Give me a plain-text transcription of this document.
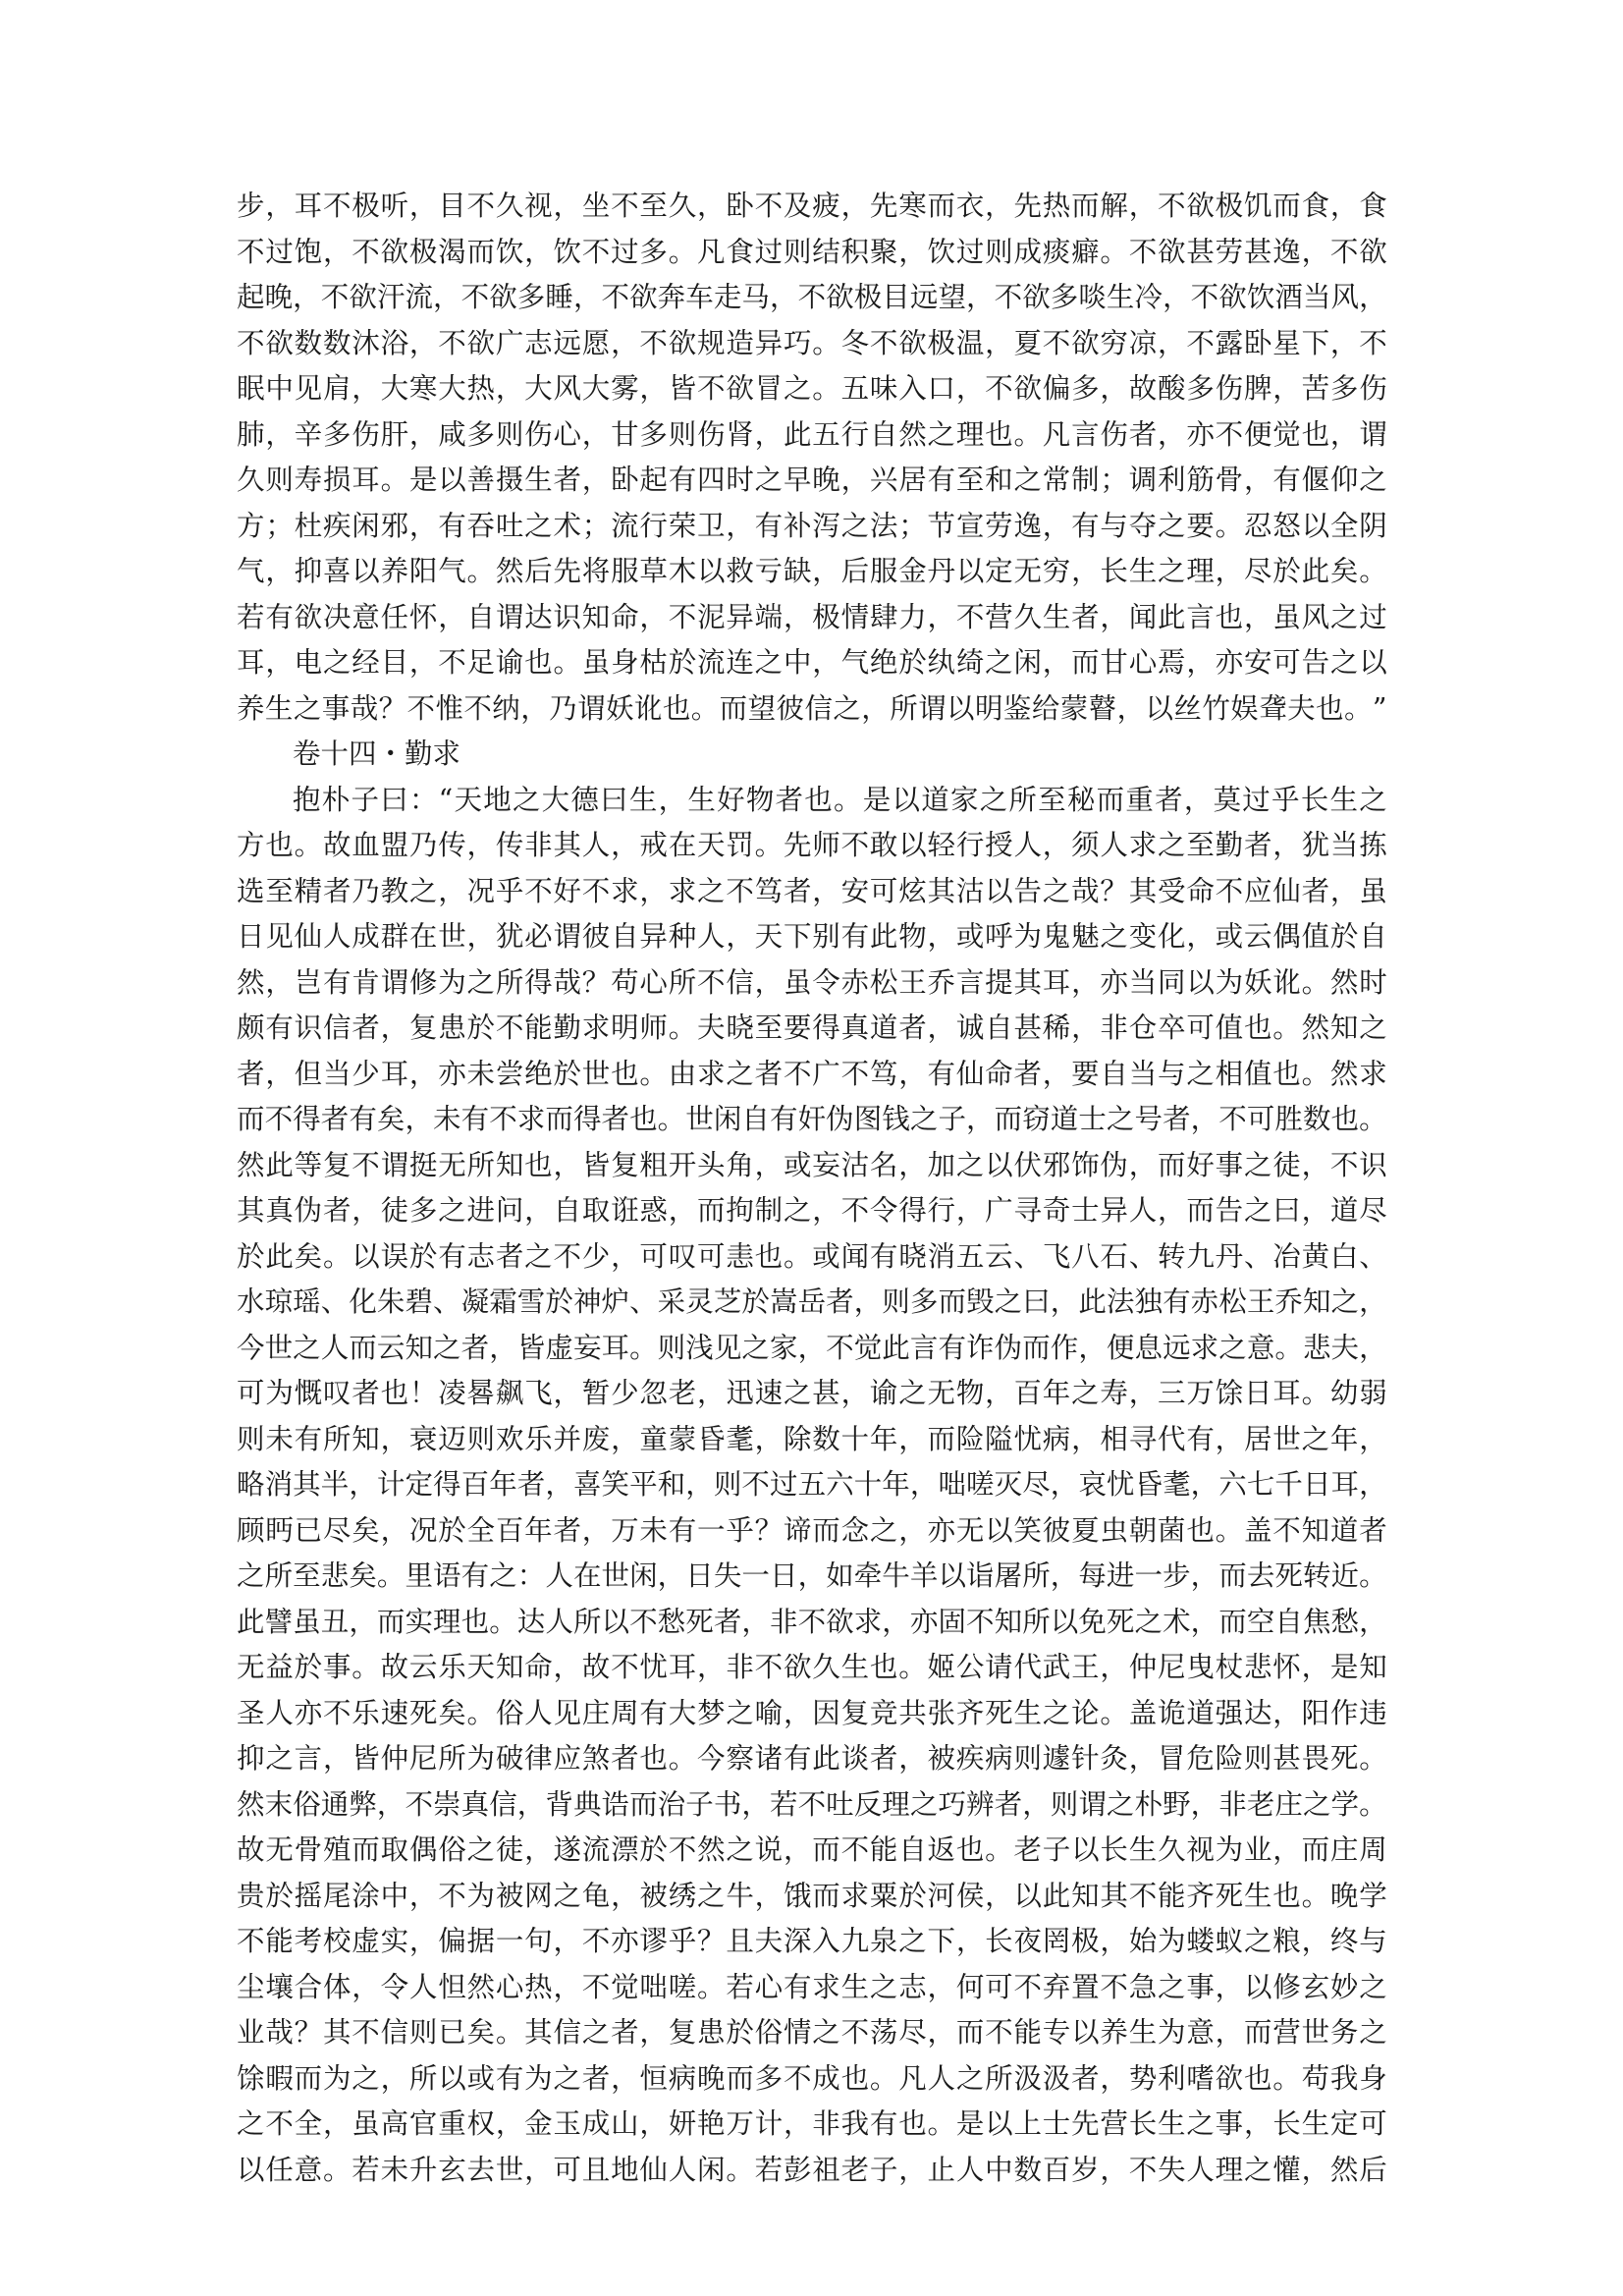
步 ， 耳 不 极 听 ， 目 不 久 视 ， 坐 不 至 久 ， 卧 不 及 疲 ， 先 寒 而 衣 ， 先 热 而 解 ， 不 欲 极 饥 而 食 ， 食
不 过 饱 ， 不 欲 极 渴 而 饮 ， 饮 不 过 多 。 凡 食 过 则 结 积 聚 ， 饮 过 则 成 痰 癖 。 不 欲 甚 劳 甚 逸 ， 不 欲
起 晚 ， 不 欲 汗 流 ， 不 欲 多 睡 ， 不 欲 奔 车 走 马 ， 不 欲 极 目 远 望 ， 不 欲 多 啖 生 冷 ， 不 欲 饮 酒 当 风 ，
不 欲 数 数 沐 浴 ， 不 欲 广 志 远 愿 ， 不 欲 规 造 异 巧 。 冬 不 欲 极 温 ， 夏 不 欲 穷 凉 ， 不 露 卧 星 下 ， 不
眠 中 见 肩 ， 大 寒 大 热 ， 大 风 大 雾 ， 皆 不 欲 冒 之 。 五 味 入 口 ， 不 欲 偏 多 ， 故 酸 多 伤 脾 ， 苦 多 伤
肺 ， 辛 多 伤 肝 ， 咸 多 则 伤 心 ， 甘 多 则 伤 肾 ， 此 五 行 自 然 之 理 也 。 凡 言 伤 者 ， 亦 不 便 觉 也 ， 谓
久 则 寿 损 耳 。 是 以 善 摄 生 者 ， 卧 起 有 四 时 之 早 晚 ， 兴 居 有 至 和 之 常 制 ； 调 利 筋 骨 ， 有 偃 仰 之
方 ； 杜 疾 闲 邪 ， 有 吞 吐 之 术 ； 流 行 荣 卫 ， 有 补 泻 之 法 ； 节 宣 劳 逸 ， 有 与 夺 之 要 。 忍 怒 以 全 阴
气 ， 抑 喜 以 养 阳 气 。 然 后 先 将 服 草 木 以 救 亏 缺 ， 后 服 金 丹 以 定 无 穷 ， 长 生 之 理 ， 尽 於 此 矣 。
若 有 欲 决 意 任 怀 ， 自 谓 达 识 知 命 ， 不 泥 异 端 ， 极 情 肆 力 ， 不 营 久 生 者 ， 闻 此 言 也 ， 虽 风 之 过
耳 ， 电 之 经 目 ， 不 足 谕 也 。 虽 身 枯 於 流 连 之 中 ， 气 绝 於 纨 绮 之 闲 ， 而 甘 心 焉 ， 亦 安 可 告 之 以
养 生 之 事 哉 ？ 不 惟 不 纳 ， 乃 谓 妖 讹 也 。 而 望 彼 信 之 ， 所 谓 以 明 鉴 给 蒙 瞽 ， 以 丝 竹 娱 聋 夫 也 。 ”
卷十四・勤求
抱 朴 子 曰 ： “ 天 地 之 大 德 曰 生 ， 生 好 物 者 也 。 是 以 道 家 之 所 至 秘 而 重 者 ， 莫 过 乎 长 生 之
方 也 。 故 血 盟 乃 传 ， 传 非 其 人 ， 戒 在 天 罚 。 先 师 不 敢 以 轻 行 授 人 ， 须 人 求 之 至 勤 者 ， 犹 当 拣
选 至 精 者 乃 教 之 ， 况 乎 不 好 不 求 ， 求 之 不 笃 者 ， 安 可 炫 其 沽 以 告 之 哉 ？ 其 受 命 不 应 仙 者 ， 虽
日 见 仙 人 成 群 在 世 ， 犹 必 谓 彼 自 异 种 人 ， 天 下 别 有 此 物 ， 或 呼 为 鬼 魅 之 变 化 ， 或 云 偶 值 於 自
然 ， 岂 有 肯 谓 修 为 之 所 得 哉 ？ 苟 心 所 不 信 ， 虽 令 赤 松 王 乔 言 提 其 耳 ， 亦 当 同 以 为 妖 讹 。 然 时
颇 有 识 信 者 ， 复 患 於 不 能 勤 求 明 师 。 夫 晓 至 要 得 真 道 者 ， 诚 自 甚 稀 ， 非 仓 卒 可 值 也 。 然 知 之
者 ， 但 当 少 耳 ， 亦 未 尝 绝 於 世 也 。 由 求 之 者 不 广 不 笃 ， 有 仙 命 者 ， 要 自 当 与 之 相 值 也 。 然 求
而 不 得 者 有 矣 ， 未 有 不 求 而 得 者 也 。 世 闲 自 有 奸 伪 图 钱 之 子 ， 而 窃 道 士 之 号 者 ， 不 可 胜 数 也 。
然 此 等 复 不 谓 挺 无 所 知 也 ， 皆 复 粗 开 头 角 ， 或 妄 沽 名 ， 加 之 以 伏 邪 饰 伪 ， 而 好 事 之 徒 ， 不 识
其 真 伪 者 ， 徒 多 之 进 问 ， 自 取 诳 惑 ， 而 拘 制 之 ， 不 令 得 行 ， 广 寻 奇 士 异 人 ， 而 告 之 曰 ， 道 尽
於 此 矣 。 以 误 於 有 志 者 之 不 少 ， 可 叹 可 恚 也 。 或 闻 有 晓 消 五 云 、 飞 八 石 、 转 九 丹 、 冶 黄 白 、
水 琼 瑶 、 化 朱 碧 、 凝 霜 雪 於 神 炉 、 采 灵 芝 於 嵩 岳 者 ， 则 多 而 毁 之 曰 ， 此 法 独 有 赤 松 王 乔 知 之 ，
今 世 之 人 而 云 知 之 者 ， 皆 虚 妄 耳 。 则 浅 见 之 家 ， 不 觉 此 言 有 诈 伪 而 作 ， 便 息 远 求 之 意 。 悲 夫 ，
可 为 慨 叹 者 也 ！ 凌 晷 飙 飞 ， 暂 少 忽 老 ， 迅 速 之 甚 ， 谕 之 无 物 ， 百 年 之 寿 ， 三 万 馀 日 耳 。 幼 弱
则 未 有 所 知 ， 衰 迈 则 欢 乐 并 废 ， 童 蒙 昏 耄 ， 除 数 十 年 ， 而 险 隘 忧 病 ， 相 寻 代 有 ， 居 世 之 年 ，
略 消 其 半 ， 计 定 得 百 年 者 ， 喜 笑 平 和 ， 则 不 过 五 六 十 年 ， 咄 嗟 灭 尽 ， 哀 忧 昏 耄 ， 六 七 千 日 耳 ，
顾 眄 已 尽 矣 ， 况 於 全 百 年 者 ， 万 未 有 一 乎 ？ 谛 而 念 之 ， 亦 无 以 笑 彼 夏 虫 朝 菌 也 。 盖 不 知 道 者
之 所 至 悲 矣 。 里 语 有 之 ： 人 在 世 闲 ， 日 失 一 日 ， 如 牵 牛 羊 以 诣 屠 所 ， 每 进 一 步 ， 而 去 死 转 近 。
此 譬 虽 丑 ， 而 实 理 也 。 达 人 所 以 不 愁 死 者 ， 非 不 欲 求 ， 亦 固 不 知 所 以 免 死 之 术 ， 而 空 自 焦 愁 ，
无 益 於 事 。 故 云 乐 天 知 命 ， 故 不 忧 耳 ， 非 不 欲 久 生 也 。 姬 公 请 代 武 王 ， 仲 尼 曳 杖 悲 怀 ， 是 知
圣 人 亦 不 乐 速 死 矣 。 俗 人 见 庄 周 有 大 梦 之 喻 ， 因 复 竞 共 张 齐 死 生 之 论 。 盖 诡 道 强 达 ， 阳 作 违
抑 之 言 ， 皆 仲 尼 所 为 破 律 应 煞 者 也 。 今 察 诸 有 此 谈 者 ， 被 疾 病 则 遽 针 灸 ， 冒 危 险 则 甚 畏 死 。
然 末 俗 通 弊 ， 不 崇 真 信 ， 背 典 诰 而 治 子 书 ， 若 不 吐 反 理 之 巧 辨 者 ， 则 谓 之 朴 野 ， 非 老 庄 之 学 。
故 无 骨 殖 而 取 偶 俗 之 徒 ， 遂 流 漂 於 不 然 之 说 ， 而 不 能 自 返 也 。 老 子 以 长 生 久 视 为 业 ， 而 庄 周
贵 於 摇 尾 涂 中 ， 不 为 被 网 之 龟 ， 被 绣 之 牛 ， 饿 而 求 粟 於 河 侯 ， 以 此 知 其 不 能 齐 死 生 也 。 晚 学
不 能 考 校 虚 实 ， 偏 据 一 句 ， 不 亦 谬 乎 ？ 且 夫 深 入 九 泉 之 下 ， 长 夜 罔 极 ， 始 为 蝼 蚁 之 粮 ， 终 与
尘 壤 合 体 ， 令 人 怛 然 心 热 ， 不 觉 咄 嗟 。 若 心 有 求 生 之 志 ， 何 可 不 弃 置 不 急 之 事 ， 以 修 玄 妙 之
业 哉 ？ 其 不 信 则 已 矣 。 其 信 之 者 ， 复 患 於 俗 情 之 不 荡 尽 ， 而 不 能 专 以 养 生 为 意 ， 而 营 世 务 之
馀 暇 而 为 之 ， 所 以 或 有 为 之 者 ， 恒 病 晚 而 多 不 成 也 。 凡 人 之 所 汲 汲 者 ， 势 利 嗜 欲 也 。 苟 我 身
之 不 全 ， 虽 高 官 重 权 ， 金 玉 成 山 ， 妍 艳 万 计 ， 非 我 有 也 。 是 以 上 士 先 营 长 生 之 事 ， 长 生 定 可
以 任 意 。 若 未 升 玄 去 世 ， 可 且 地 仙 人 闲 。 若 彭 祖 老 子 ， 止 人 中 数 百 岁 ， 不 失 人 理 之 懽 ， 然 后
